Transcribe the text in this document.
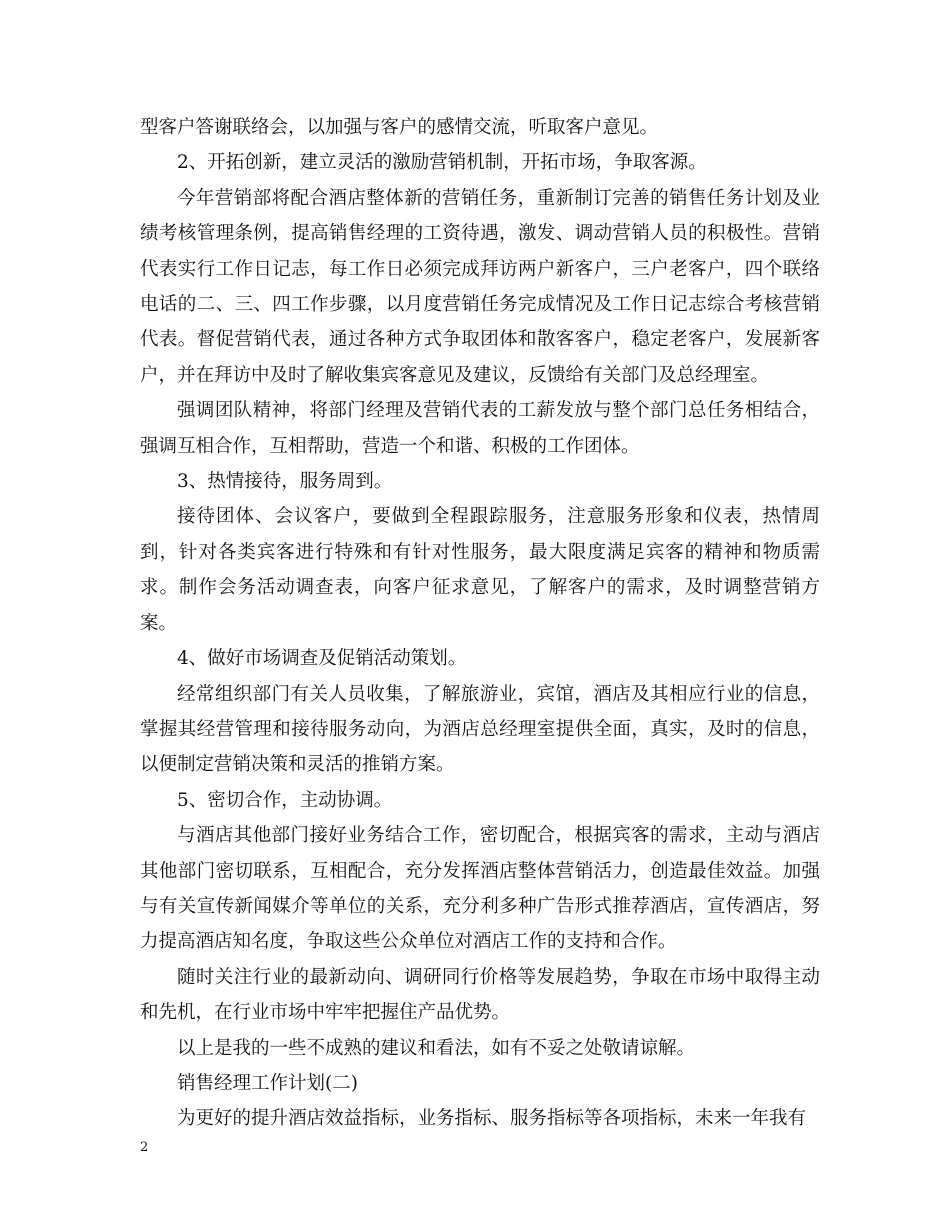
型客户答谢联络会，以加强与客户的感情交流，听取客户意见。

2、开拓创新，建立灵活的激励营销机制，开拓市场，争取客源。

今年营销部将配合酒店整体新的营销任务，重新制订完善的销售任务计划及业绩考核管理条例，提高销售经理的工资待遇，激发、调动营销人员的积极性。营销代表实行工作日记志，每工作日必须完成拜访两户新客户，三户老客户，四个联络电话的二、三、四工作步骤，以月度营销任务完成情况及工作日记志综合考核营销代表。督促营销代表，通过各种方式争取团体和散客客户，稳定老客户，发展新客户，并在拜访中及时了解收集宾客意见及建议，反馈给有关部门及总经理室。

强调团队精神，将部门经理及营销代表的工薪发放与整个部门总任务相结合，强调互相合作，互相帮助，营造一个和谐、积极的工作团体。

3、热情接待，服务周到。

接待团体、会议客户，要做到全程跟踪服务，注意服务形象和仪表，热情周到，针对各类宾客进行特殊和有针对性服务，最大限度满足宾客的精神和物质需求。制作会务活动调查表，向客户征求意见，了解客户的需求，及时调整营销方案。

4、做好市场调查及促销活动策划。

经常组织部门有关人员收集，了解旅游业，宾馆，酒店及其相应行业的信息，掌握其经营管理和接待服务动向，为酒店总经理室提供全面，真实，及时的信息，以便制定营销决策和灵活的推销方案。

5、密切合作，主动协调。

与酒店其他部门接好业务结合工作，密切配合，根据宾客的需求，主动与酒店其他部门密切联系，互相配合，充分发挥酒店整体营销活力，创造最佳效益。加强与有关宣传新闻媒介等单位的关系，充分利多种广告形式推荐酒店，宣传酒店，努力提高酒店知名度，争取这些公众单位对酒店工作的支持和合作。

随时关注行业的最新动向、调研同行价格等发展趋势，争取在市场中取得主动和先机，在行业市场中牢牢把握住产品优势。

以上是我的一些不成熟的建议和看法，如有不妥之处敬请谅解。

销售经理工作计划(二)

为更好的提升酒店效益指标，业务指标、服务指标等各项指标，未来一年我有

2
